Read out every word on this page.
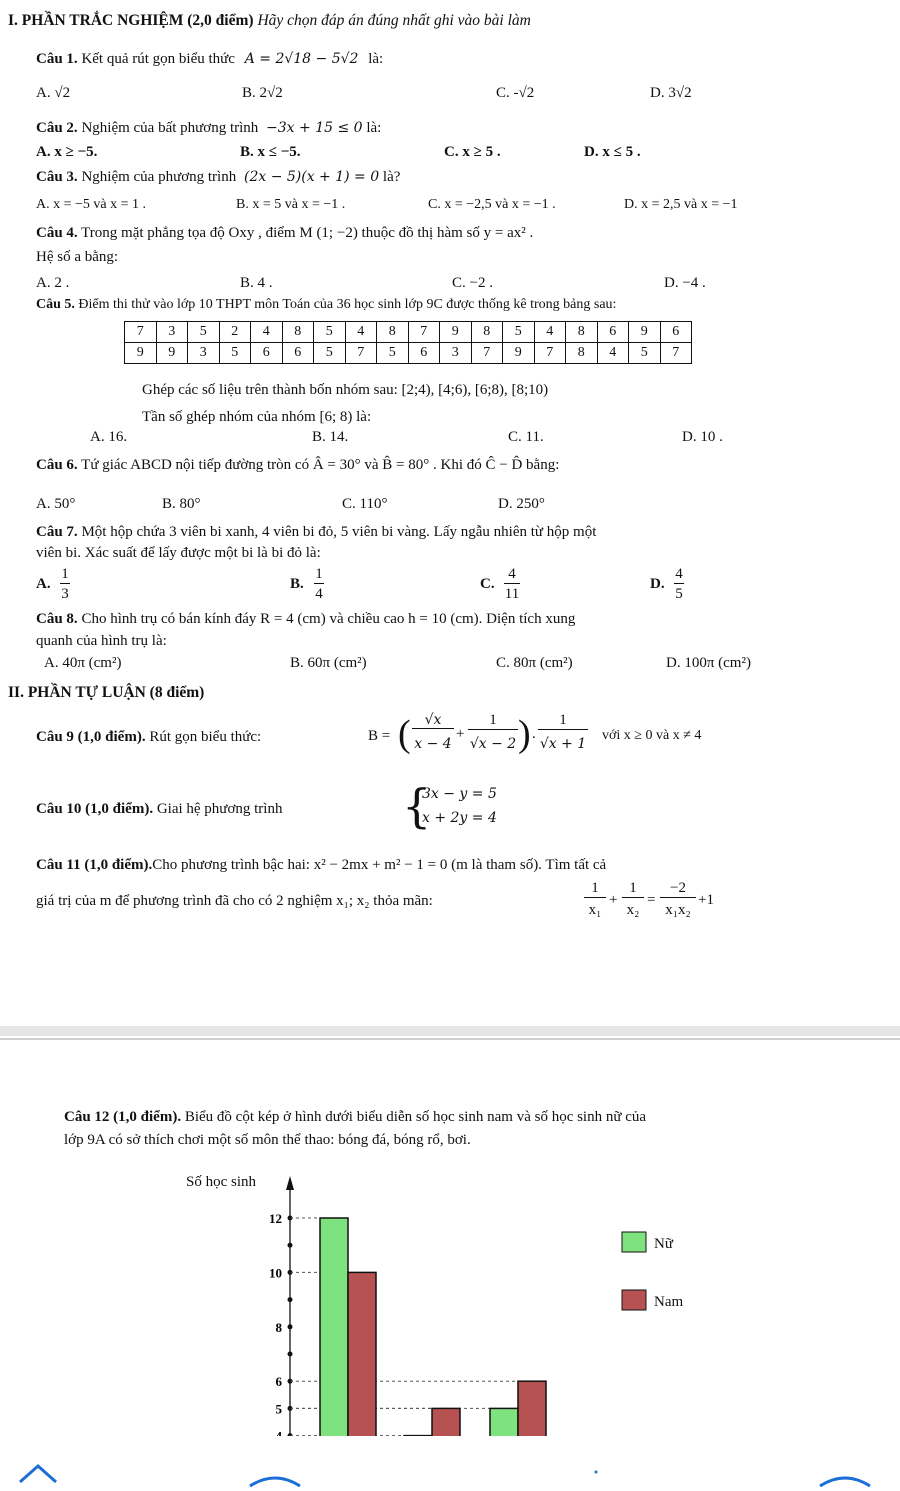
I. PHẦN TRẮC NGHIỆM (2,0 điểm) Hãy chọn đáp án đúng nhất ghi vào bài làm
Câu 1. Kết quả rút gọn biểu thức A = 2√18 − 5√2 là:
A. √2	B. 2√2	C. -√2	D. 3√2
Câu 2. Nghiệm của bất phương trình −3x + 15 ≤ 0 là:
A. x ≥ −5.	B. x ≤ −5.	C. x ≥ 5 .	D. x ≤ 5 .
Câu 3. Nghiệm của phương trình (2x − 5)(x + 1) = 0 là?
A. x = −5 và x = 1 .	B. x = 5 và x = −1 .	C. x = −2,5 và x = −1 .	D. x = 2,5 và x = −1
Câu 4. Trong mặt phẳng tọa độ Oxy , điểm M (1; −2) thuộc đồ thị hàm số y = ax² .
Hệ số a bằng:
A. 2 .	B. 4 .	C. −2 .	D. −4 .
Câu 5. Điểm thi thử vào lớp 10 THPT môn Toán của 36 học sinh lớp 9C được thống kê trong bảng sau:
7	3	5	2	4	8	5	4	8	7	9	8	5	4	8	6	9	6
9	9	3	5	6	6	5	7	5	6	3	7	9	7	8	4	5	7
Ghép các số liệu trên thành bốn nhóm sau: [2;4), [4;6), [6;8), [8;10)
Tần số ghép nhóm của nhóm [6; 8) là:
A. 16.	B. 14.	C. 11.	D. 10 .
Câu 6. Tứ giác ABCD nội tiếp đường tròn có Â = 30° và B̂ = 80° . Khi đó Ĉ − D̂ bằng:
A. 50°	B. 80°	C. 110°	D. 250°
Câu 7. Một hộp chứa 3 viên bi xanh, 4 viên bi đỏ, 5 viên bi vàng. Lấy ngẫu nhiên từ hộp một
viên bi. Xác suất để lấy được một bi là bi đỏ là:
A.
1
3
B.
1
4
C.
4
11
D.
4
5
Câu 8. Cho hình trụ có bán kính đáy R = 4 (cm) và chiều cao h = 10 (cm). Diện tích xung
quanh của hình trụ là:
A. 40π (cm²)	B. 60π (cm²)	C. 80π (cm²)	D. 100π (cm²)
II. PHẦN TỰ LUẬN (8 điểm)
Câu 9 (1,0 điểm). Rút gọn biểu thức:	B = ( √x
x − 4
+
1
√x − 2 ) .
1
√x + 1
với x ≥ 0 và x ≠ 4
Câu 10 (1,0 điểm). Giai hệ phương trình	{
3x − y = 5
x + 2y = 4
Câu 11 (1,0 điểm).Cho phương trình bậc hai: x² − 2mx + m² − 1 = 0 (m là tham số). Tìm tất cả
giá trị của m để phương trình đã cho có 2 nghiệm x₁; x₂ thỏa mãn:
1
x₁
+
1
x₂
=
−2
x₁x₂
+1
Câu 12 (1,0 điểm). Biểu đồ cột kép ở hình dưới biểu diễn số học sinh nam và số học sinh nữ của
lớp 9A có sở thích chơi một số môn thể thao: bóng đá, bóng rổ, bơi.
Số học sinh
12
10
8
6
5
Nữ
Nam
